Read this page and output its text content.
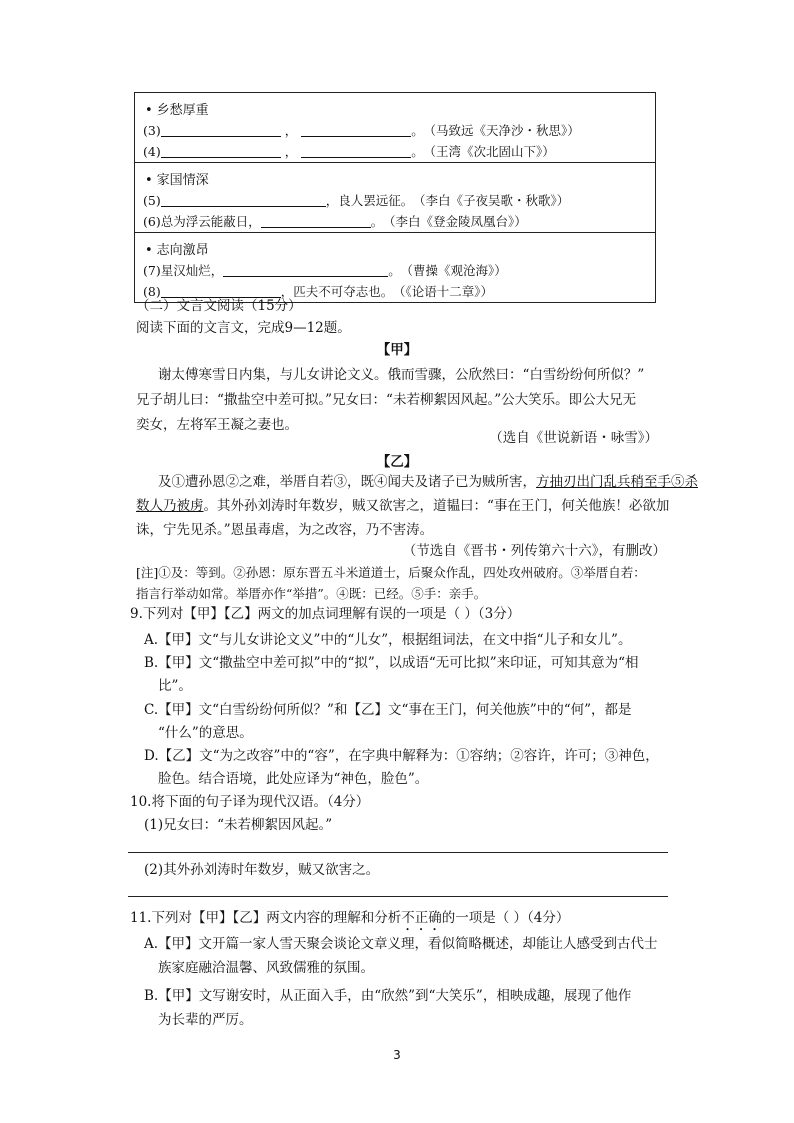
• 乡愁厚重
(3)	，	。 （马致远《天净沙・秋思》）
(4)	，	。 （王湾《次北固山下》）
• 家国情深
(5)	，良人罢远征。 （李白《子夜吴歌・秋歌》）
(6)总为浮云能蔽日，	。 （李白《登金陵凤凰台》）
• 志向激昂
(7)星汉灿烂，	。 （曹操《观沧海》）
(8)	，匹夫不可夺志也。 （《论语十二章》）
（二）文言文阅读（15分）
阅读下面的文言文，完成9—12题。
【甲】
谢太傅寒雪日内集，与儿女讲论文义。俄而雪骤，公欣然曰：“白雪纷纷何所似？”
兄子胡儿曰：“撒盐空中差可拟。”兄女曰：“未若柳絮因风起。”公大笑乐。即公大兄无
奕女，左将军王凝之妻也。
（选自《世说新语・咏雪》）
【乙】
及①遭孙恩②之难，举厝自若③，既④闻夫及诸子已为贼所害，方抽刃出门乱兵稍至手⑤杀
数人乃被虏。其外孙刘涛时年数岁，贼又欲害之，道韫曰：“事在王门，何关他族！必欲加
诛，宁先见杀。”恩虽毒虐，为之改容，乃不害涛。
（节选自《晋书・列传第六十六》，有删改）
[注]①及：等到。②孙恩：原东晋五斗米道道士，后聚众作乱，四处攻州破府。③举厝自若：
指言行举动如常。举厝亦作“举措”。④既：已经。⑤手：亲手。
9.下列对【甲】【乙】两文的加点词理解有误的一项是（ ）（3分）
A.【甲】文“与儿女讲论文义”中的“儿女”，根据组词法，在文中指“儿子和女儿”。
B.【甲】文“撒盐空中差可拟”中的“拟”，以成语“无可比拟”来印证，可知其意为“相
比”。
C.【甲】文“白雪纷纷何所似？”和【乙】文“事在王门，何关他族”中的“何”，都是
“什么”的意思。
D.【乙】文“为之改容”中的“容”，在字典中解释为：①容纳；②容许，许可；③神色，
脸色。结合语境，此处应译为“神色，脸色”。
10.将下面的句子译为现代汉语。（4分）
(1)兄女曰：“未若柳絮因风起。”
(2)其外孙刘涛时年数岁，贼又欲害之。
11.下列对【甲】【乙】两文内容的理解和分析不正确的一项是（ ）（4分）
A.【甲】文开篇一家人雪天聚会谈论文章义理，看似简略概述，却能让人感受到古代士
族家庭融洽温馨、风致儒雅的氛围。
B.【甲】文写谢安时，从正面入手，由“欣然”到“大笑乐”，相映成趣，展现了他作
为长辈的严厉。
3
